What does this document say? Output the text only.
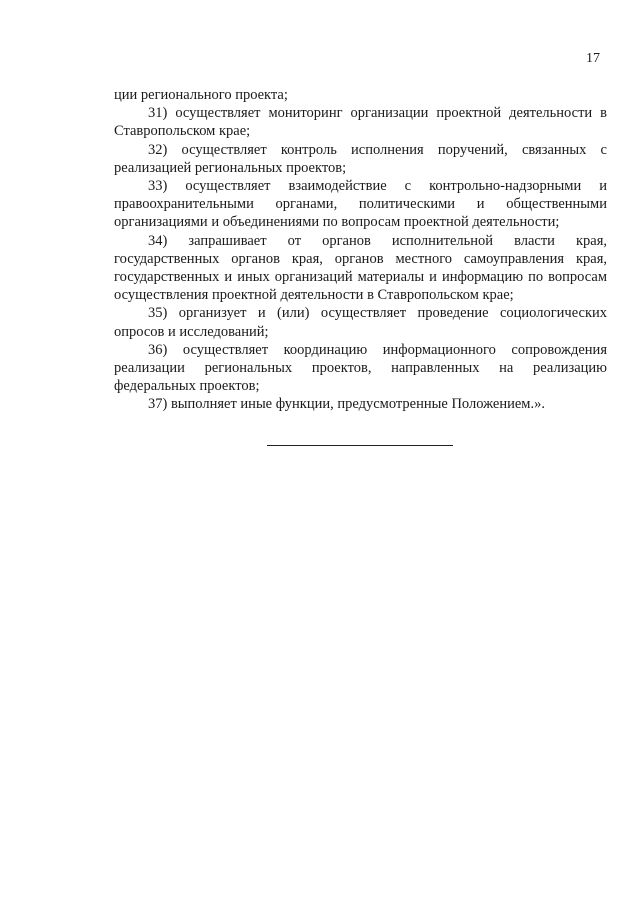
17

ции регионального проекта;

31) осуществляет мониторинг организации проектной деятельности в Ставропольском крае;

32) осуществляет контроль исполнения поручений, связанных с реализацией региональных проектов;

33) осуществляет взаимодействие с контрольно-надзорными и правоохранительными органами, политическими и общественными организациями и объединениями по вопросам проектной деятельности;

34) запрашивает от органов исполнительной власти края, государственных органов края, органов местного самоуправления края, государственных и иных организаций материалы и информацию по вопросам осуществления проектной деятельности в Ставропольском крае;

35) организует и (или) осуществляет проведение социологических опросов и исследований;

36) осуществляет координацию информационного сопровождения реализации региональных проектов, направленных на реализацию федеральных проектов;

37) выполняет иные функции, предусмотренные Положением.».
